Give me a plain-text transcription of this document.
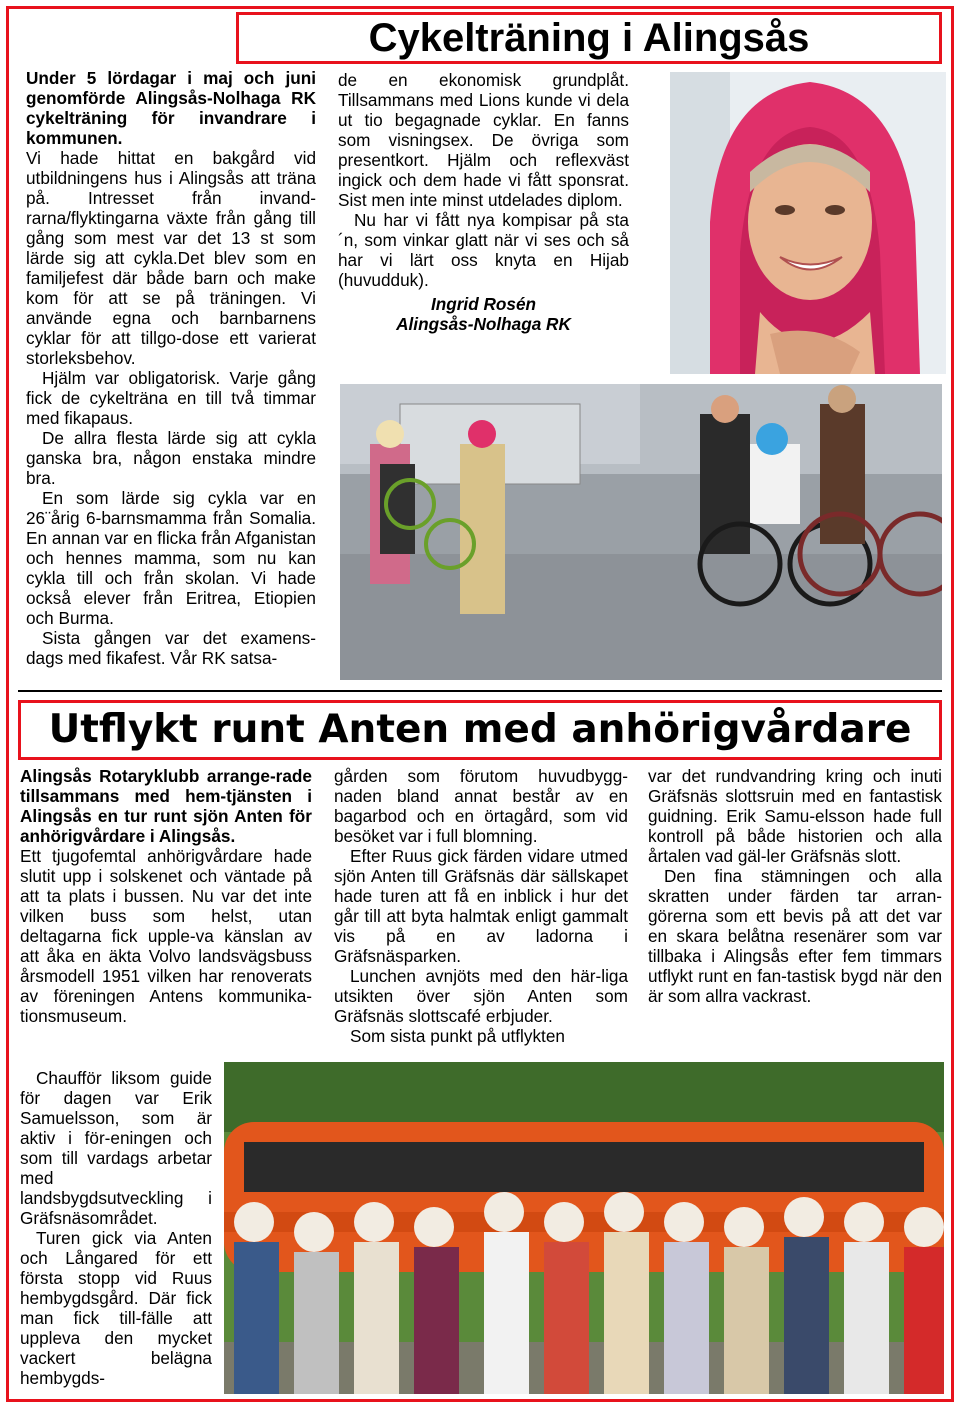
Cykelträning i Alingsås

Under 5 lördagar i maj och juni genomförde Alingsås-Nolhaga RK cykelträning för invandrare i kommunen.

Vi hade hittat en bakgård vid utbildningens hus i Alingsås att träna på. Intresset från invand-rarna/flyktingarna växte från gång till gång som mest var det 13 st som lärde sig att cykla.Det blev som en familjefest där både barn och make kom för att se på träningen. Vi använde egna och barnbarnens cyklar för att tillgo-dose ett varierat storleksbehov.

Hjälm var obligatorisk. Varje gång fick de cykelträna en till två timmar med fikapaus.

De allra flesta lärde sig att cykla ganska bra, någon enstaka mindre bra.

En som lärde sig cykla var en 26¨årig 6-barnsmamma från Somalia. En annan var en flicka från Afganistan och hennes mamma, som nu kan cykla till och från skolan. Vi hade också elever från Eritrea, Etiopien och Burma.

Sista gången var det examens-dags med fikafest. Vår RK satsa-

de en ekonomisk grundplåt. Tillsammans med Lions kunde vi dela ut tio begagnade cyklar. En fanns som visningsex. De övriga som presentkort. Hjälm och reflexväst ingick och dem hade vi fått sponsrat. Sist men inte minst utdelades diplom.

Nu har vi fått nya kompisar på sta´n, som vinkar glatt när vi ses och så har vi lärt oss knyta en Hijab (huvudduk).

Ingrid Rosén

Alingsås-Nolhaga RK

Utflykt runt Anten med anhörigvårdare

Alingsås Rotaryklubb arrange-rade tillsammans med hem-tjänsten i Alingsås en tur runt sjön Anten för anhörigvårdare i Alingsås.

Ett tjugofemtal anhörigvårdare hade slutit upp i solskenet och väntade på att ta plats i bussen. Nu var det inte vilken buss som helst, utan deltagarna fick upple-va känslan av att åka en äkta Volvo landsvägsbuss årsmodell 1951 vilken har renoverats av föreningen Antens kommunika-tionsmuseum.

Chaufför liksom guide för dagen var Erik Samuelsson, som är aktiv i för-eningen och som till vardags arbetar med landsbygdsutveckling i Gräfsnäsområdet.

Turen gick via Anten och Långared för ett första stopp vid Ruus hembygdsgård. Där fick man fick till-fälle att uppleva den mycket vackert belägna hembygds-

gården som förutom huvudbygg-naden bland annat består av en bagarbod och en örtagård, som vid besöket var i full blomning.

Efter Ruus gick färden vidare utmed sjön Anten till Gräfsnäs där sällskapet hade turen att få en inblick i hur det går till att byta halmtak enligt gammalt vis på en av ladorna i Gräfsnäsparken.

Lunchen avnjöts med den här-liga utsikten över sjön Anten som Gräfsnäs slottscafé erbjuder.

Som sista punkt på utflykten

var det rundvandring kring och inuti Gräfsnäs slottsruin med en fantastisk guidning. Erik Samu-elsson hade full kontroll på både historien och alla årtalen vad gäl-ler Gräfsnäs slott.

Den fina stämningen och alla skratten under färden tar arran-görerna som ett bevis på att det var en skara belåtna resenärer som var tillbaka i Alingsås efter fem timmars utflykt runt en fan-tastisk bygd när den är som allra vackrast.
